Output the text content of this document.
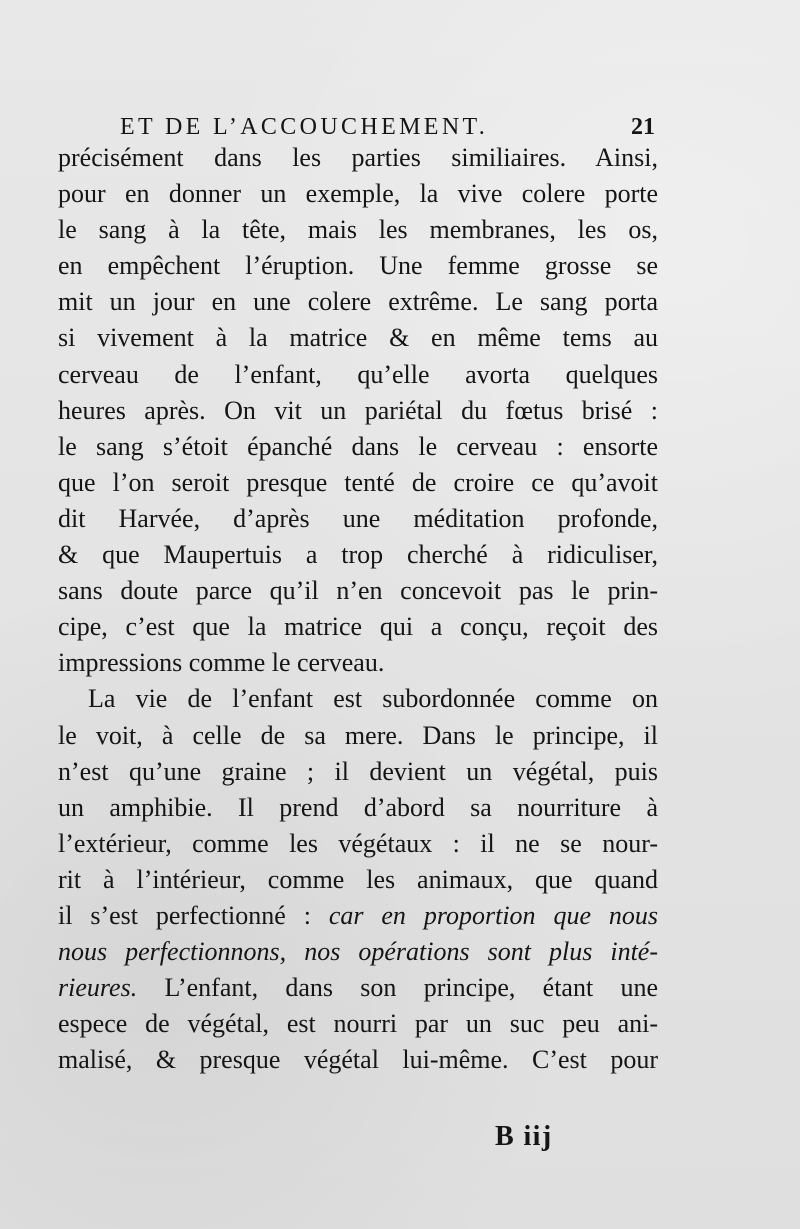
ET DE L’ACCOUCHEMENT.	21
précisément dans les parties similiaires. Ainsi,
pour en donner un exemple, la vive colere porte
le sang à la tête, mais les membranes, les os,
en empêchent l’éruption. Une femme grosse se
mit un jour en une colere extrême. Le sang porta
si vivement à la matrice & en même tems au
cerveau de l’enfant, qu’elle avorta quelques
heures après. On vit un pariétal du fœtus brisé :
le sang s’étoit épanché dans le cerveau : ensorte
que l’on seroit presque tenté de croire ce qu’avoit
dit Harvée, d’après une méditation profonde,
& que Maupertuis a trop cherché à ridiculiser,
sans doute parce qu’il n’en concevoit pas le prin-
cipe, c’est que la matrice qui a conçu, reçoit des
impressions comme le cerveau.
La vie de l’enfant est subordonnée comme on
le voit, à celle de sa mere. Dans le principe, il
n’est qu’une graine ; il devient un végétal, puis
un amphibie. Il prend d’abord sa nourriture à
l’extérieur, comme les végétaux : il ne se nour-
rit à l’intérieur, comme les animaux, que quand
il s’est perfectionné : car en proportion que nous
nous perfectionnons, nos opérations sont plus inté-
rieures. L’enfant, dans son principe, étant une
espece de végétal, est nourri par un suc peu ani-
malisé, & presque végétal lui-même. C’est pour
B iij
